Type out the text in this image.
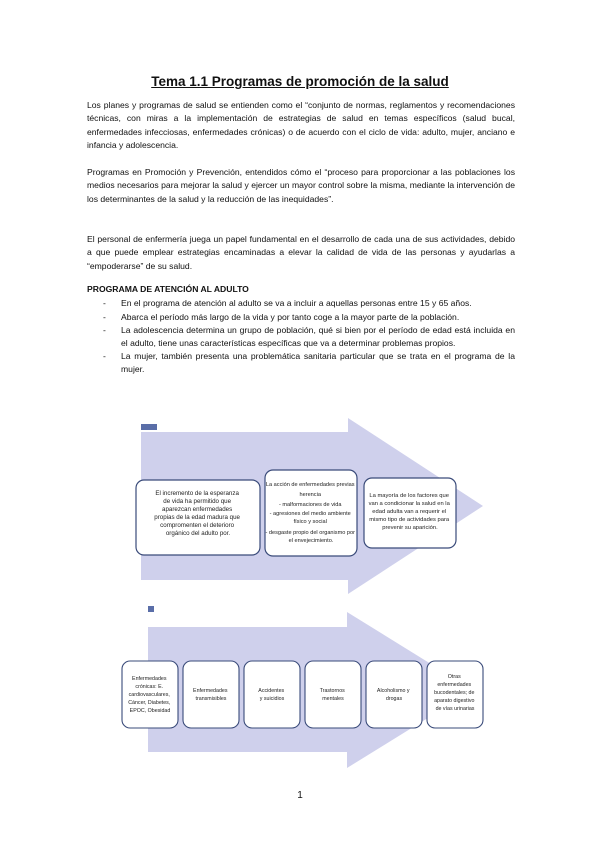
Tema 1.1 Programas de promoción de la salud

Los planes y programas de salud se entienden como el “conjunto de normas, reglamentos y recomendaciones técnicas, con miras a la implementación de estrategias de salud en temas específicos (salud bucal, enfermedades infecciosas, enfermedades crónicas) o de acuerdo con el ciclo de vida: adulto, mujer, anciano e infancia y adolescencia.

Programas en Promoción y Prevención, entendidos cómo el “proceso para proporcionar a las poblaciones los medios necesarios para mejorar la salud y ejercer un mayor control sobre la misma, mediante la intervención de los determinantes de la salud y la reducción de las inequidades”.

El personal de enfermería juega un papel fundamental en el desarrollo de cada una de sus actividades, debido a que puede emplear estrategias encaminadas a elevar la calidad de vida de las personas y ayudarlas a “empoderarse” de su salud.

PROGRAMA DE ATENCIÓN AL ADULTO
- En el programa de atención al adulto se va a incluir a aquellas personas entre 15 y 65 años.
- Abarca el período más largo de la vida y por tanto coge a la mayor parte de la población.
- La adolescencia determina un grupo de población, qué si bien por el período de edad está incluida en el adulto, tiene unas características específicas que va a determinar problemas propios.
- La mujer, también presenta una problemática sanitaria particular que se trata en el programa de la mujer.
El incremento de la esperanza de vida ha permitido que aparezcan enfermedades propias de la edad madura que compromenten el deterioro orgánico del adulto por.
La acción de enfermedades previas herencia - malformaciones de vida - agresiones del medio ambiente físico y social - desgaste propio del organismo por el envejecimiento.
La mayoría de los factores que van a condicionar la salud en la edad adulta van a requerir el mismo tipo de actividades para prevenir su aparición.
Enfermedades crónicas: E. cardiovasculares, Cáncer, Diabetes, EPOC, Obesidad
Enfermedades transmisibles
Accidentes y suicidios
Trastornos mentales
Alcoholismo y drogas
Otras enfermedades bucodentales; de aparato digestivo de vías urinarias
1
